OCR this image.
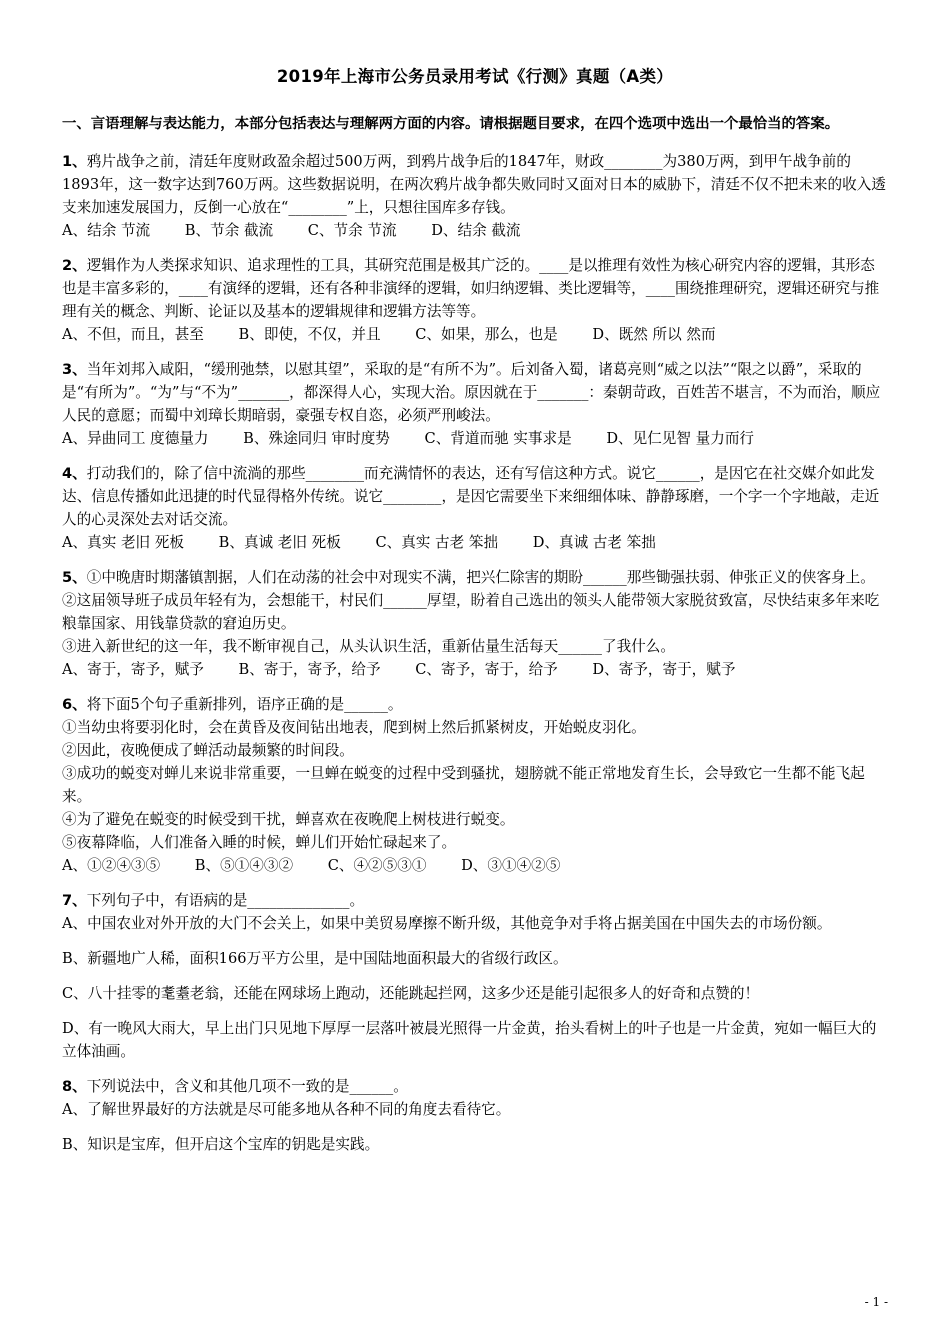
2019年上海市公务员录用考试《行测》真题（A类）
一、言语理解与表达能力，本部分包括表达与理解两方面的内容。请根据题目要求，在四个选项中选出一个最恰当的答案。

1、鸦片战争之前，清廷年度财政盈余超过500万两，到鸦片战争后的1847年，财政________为380万两，到甲午战争前的1893年，这一数字达到760万两。这些数据说明，在两次鸦片战争都失败同时又面对日本的威胁下，清廷不仅不把未来的收入透支来加速发展国力，反倒一心放在“________”上，只想往国库多存钱。

A、结余 节流 B、节余 截流 C、节余 节流 D、结余 截流

2、逻辑作为人类探求知识、追求理性的工具，其研究范围是极其广泛的。____是以推理有效性为核心研究内容的逻辑，其形态也是丰富多彩的，____有演绎的逻辑，还有各种非演绎的逻辑，如归纳逻辑、类比逻辑等，____围绕推理研究，逻辑还研究与推理有关的概念、判断、论证以及基本的逻辑规律和逻辑方法等等。

A、不但，而且，甚至 B、即使，不仅，并且 C、如果，那么，也是 D、既然 所以 然而

3、当年刘邦入咸阳，“缓刑弛禁，以慰其望”，采取的是“有所不为”。后刘备入蜀，诸葛亮则“威之以法”“限之以爵”，采取的是“有所为”。“为”与“不为”_______，都深得人心，实现大治。原因就在于_______：秦朝苛政，百姓苦不堪言，不为而治，顺应人民的意愿；而蜀中刘璋长期暗弱，豪强专权自恣，必须严刑峻法。

A、异曲同工 度德量力 B、殊途同归 审时度势 C、背道而驰 实事求是 D、见仁见智 量力而行

4、打动我们的，除了信中流淌的那些________而充满情怀的表达，还有写信这种方式。说它______，是因它在社交媒介如此发达、信息传播如此迅捷的时代显得格外传统。说它________，是因它需要坐下来细细体味、静静琢磨，一个字一个字地敲，走近人的心灵深处去对话交流。

A、真实 老旧 死板 B、真诚 老旧 死板 C、真实 古老 笨拙 D、真诚 古老 笨拙

5、①中晚唐时期藩镇割据，人们在动荡的社会中对现实不满，把兴仁除害的期盼______那些锄强扶弱、伸张正义的侠客身上。

②这届领导班子成员年轻有为，会想能干，村民们______厚望，盼着自己选出的领头人能带领大家脱贫致富，尽快结束多年来吃粮靠国家、用钱靠贷款的窘迫历史。

③进入新世纪的这一年，我不断审视自己，从头认识生活，重新估量生活每天______了我什么。

A、寄于，寄予，赋予 B、寄于，寄予，给予 C、寄予，寄于，给予 D、寄予，寄于，赋予

6、将下面5个句子重新排列，语序正确的是______。

①当幼虫将要羽化时，会在黄昏及夜间钻出地表，爬到树上然后抓紧树皮，开始蜕皮羽化。

②因此，夜晚便成了蝉活动最频繁的时间段。

③成功的蜕变对蝉儿来说非常重要，一旦蝉在蜕变的过程中受到骚扰，翅膀就不能正常地发育生长，会导致它一生都不能飞起来。

④为了避免在蜕变的时候受到干扰，蝉喜欢在夜晚爬上树枝进行蜕变。

⑤夜幕降临，人们准备入睡的时候，蝉儿们开始忙碌起来了。

A、①②④③⑤ B、⑤①④③② C、④②⑤③① D、③①④②⑤

7、下列句子中，有语病的是______________。

A、中国农业对外开放的大门不会关上，如果中美贸易摩擦不断升级，其他竞争对手将占据美国在中国失去的市场份额。

B、新疆地广人稀，面积166万平方公里，是中国陆地面积最大的省级行政区。

C、八十挂零的耄耋老翁，还能在网球场上跑动，还能跳起拦网，这多少还是能引起很多人的好奇和点赞的！

D、有一晚风大雨大，早上出门只见地下厚厚一层落叶被晨光照得一片金黄，抬头看树上的叶子也是一片金黄，宛如一幅巨大的立体油画。

8、下列说法中，含义和其他几项不一致的是______。

A、了解世界最好的方法就是尽可能多地从各种不同的角度去看待它。

B、知识是宝库，但开启这个宝库的钥匙是实践。

- 1 -
